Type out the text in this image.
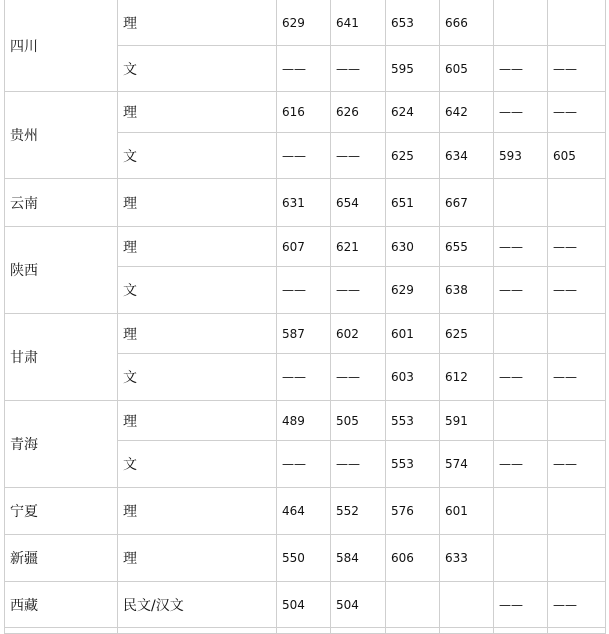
四川	理	629	641	653	666		
	文	——	——	595	605	——	——
贵州	理	616	626	624	642	——	——
	文	——	——	625	634	593	605
云南	理	631	654	651	667		
陕西	理	607	621	630	655	——	——
	文	——	——	629	638	——	——
甘肃	理	587	602	601	625		
	文	——	——	603	612	——	——
青海	理	489	505	553	591		
	文	——	——	553	574	——	——
宁夏	理	464	552	576	601		
新疆	理	550	584	606	633		
西藏	民文/汉文	504	504			——	——
